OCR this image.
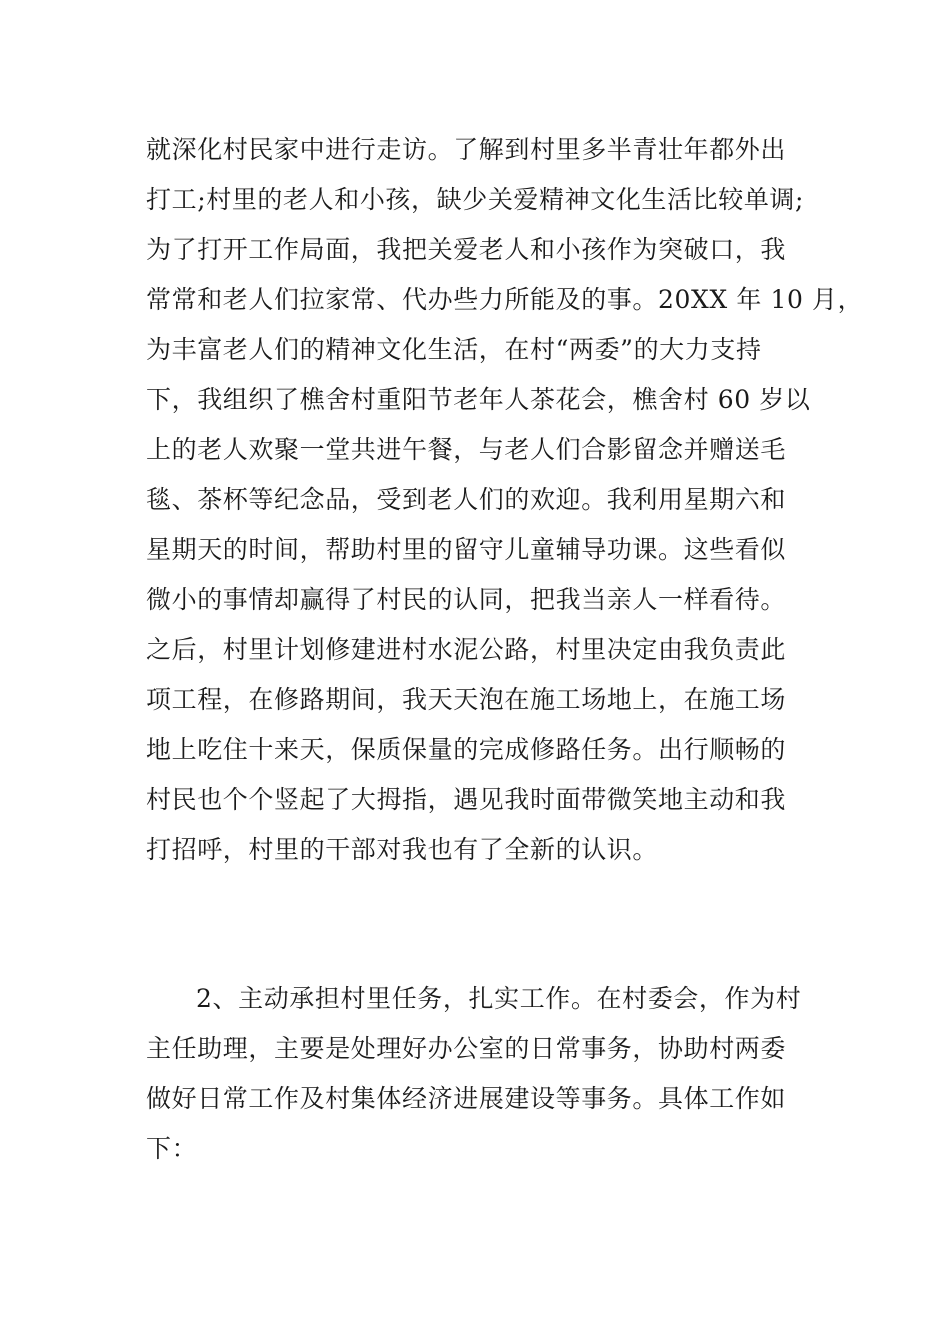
就深化村民家中进行走访。了解到村里多半青壮年都外出
打工;村里的老人和小孩，缺少关爱精神文化生活比较单调;
为了打开工作局面，我把关爱老人和小孩作为突破口，我
常常和老人们拉家常、代办些力所能及的事。20XX 年 10 月，
为丰富老人们的精神文化生活，在村“两委”的大力支持
下，我组织了樵舍村重阳节老年人茶花会，樵舍村 60 岁以
上的老人欢聚一堂共进午餐，与老人们合影留念并赠送毛
毯、茶杯等纪念品，受到老人们的欢迎。我利用星期六和
星期天的时间，帮助村里的留守儿童辅导功课。这些看似
微小的事情却赢得了村民的认同，把我当亲人一样看待。
之后，村里计划修建进村水泥公路，村里决定由我负责此
项工程，在修路期间，我天天泡在施工场地上，在施工场
地上吃住十来天，保质保量的完成修路任务。出行顺畅的
村民也个个竖起了大拇指，遇见我时面带微笑地主动和我
打招呼，村里的干部对我也有了全新的认识。
2、主动承担村里任务，扎实工作。在村委会，作为村
主任助理，主要是处理好办公室的日常事务，协助村两委
做好日常工作及村集体经济进展建设等事务。具体工作如
下：
